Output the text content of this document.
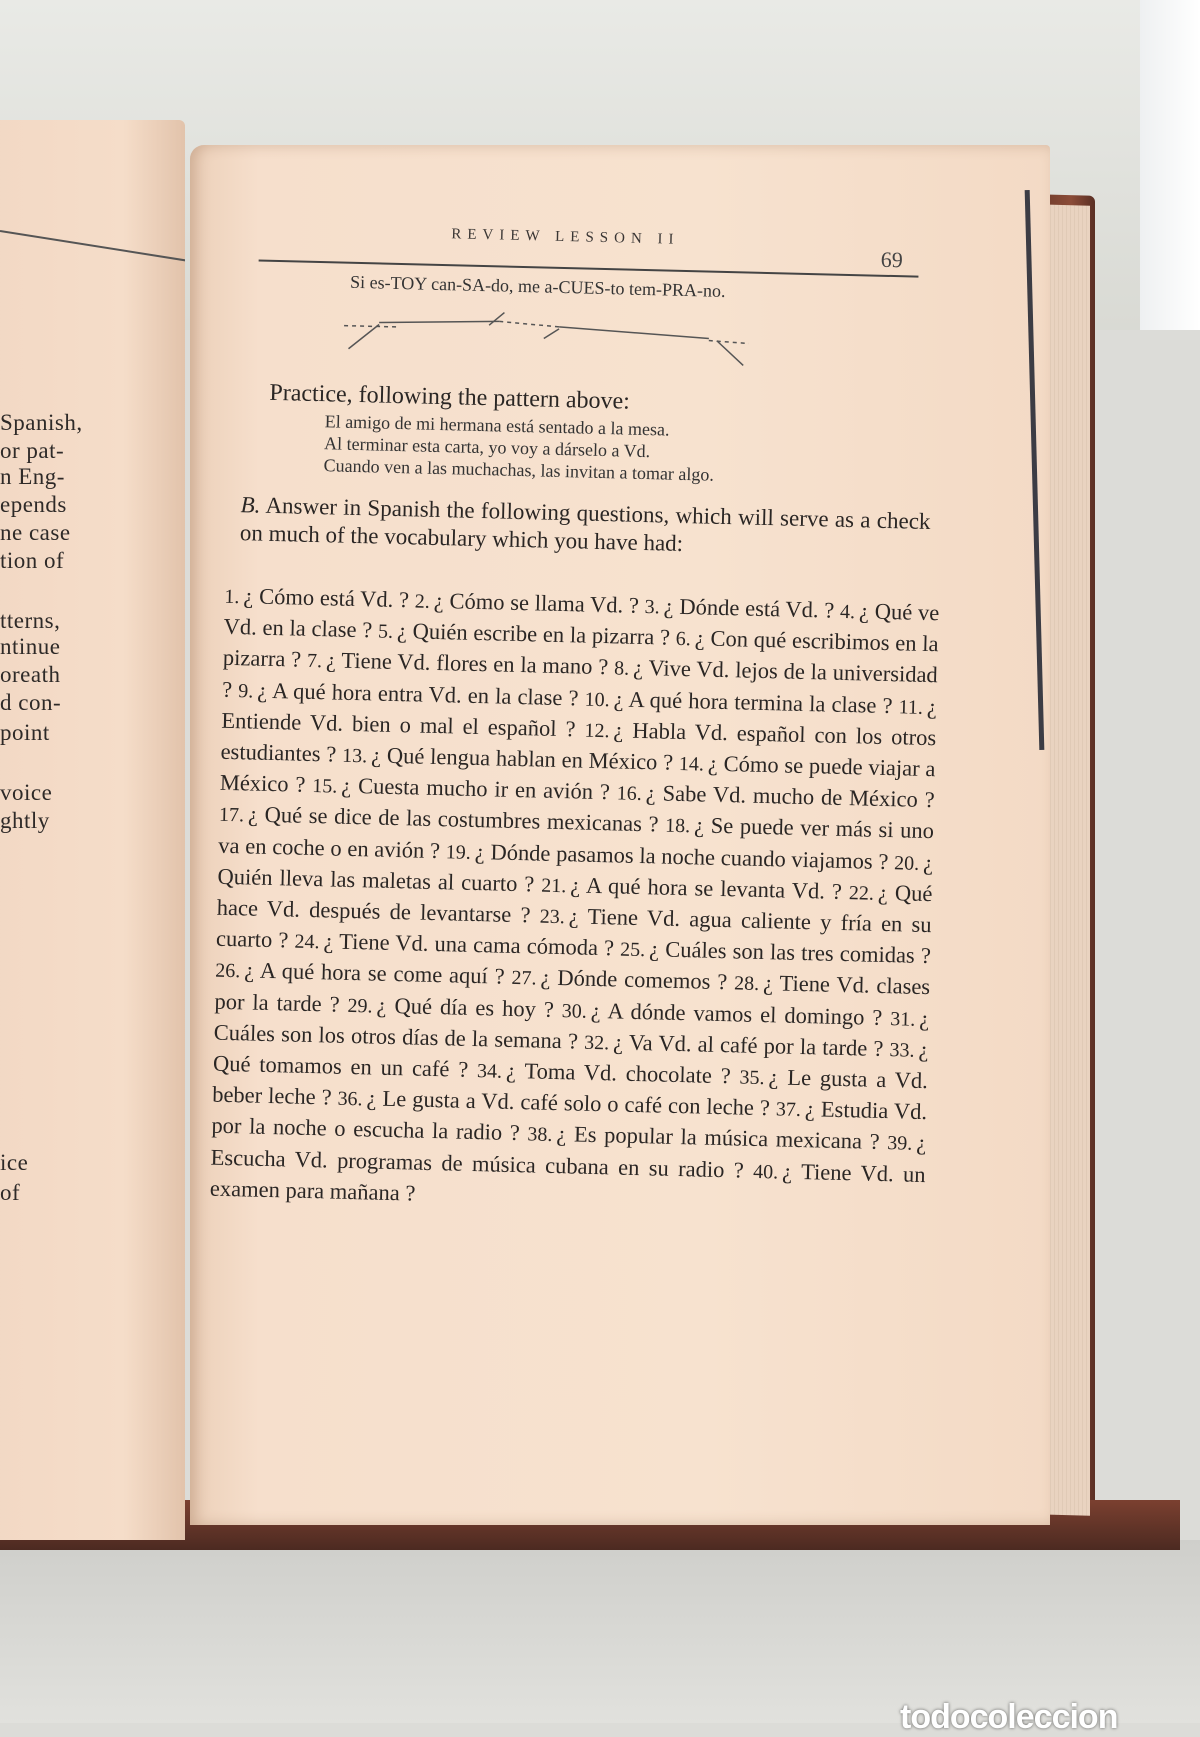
Spanish,
or pat-
n Eng-
epends
ne case
tion of
tterns,
ntinue
oreath
d con-
point
voice
ghtly
ice
of
REVIEW LESSON II
69
Si es-TOY can-SA-do, me a-CUES-to tem-PRA-no.
Practice, following the pattern above:
El amigo de mi hermana está sentado a la mesa.
Al terminar esta carta, yo voy a dárselo a Vd.
Cuando ven a las muchachas, las invitan a tomar algo.
B. Answer in Spanish the following questions, which will serve as a check on much of the vocabulary which you have had:
1. ¿ Cómo está Vd. ? 2. ¿ Cómo se llama Vd. ? 3. ¿ Dónde está Vd. ? 4. ¿ Qué ve Vd. en la clase ? 5. ¿ Quién escribe en la pizarra ? 6. ¿ Con qué escribimos en la pizarra ? 7. ¿ Tiene Vd. flores en la mano ? 8. ¿ Vive Vd. lejos de la universidad ? 9. ¿ A qué hora entra Vd. en la clase ? 10. ¿ A qué hora termina la clase ? 11. ¿ Entiende Vd. bien o mal el español ? 12. ¿ Habla Vd. español con los otros estudiantes ? 13. ¿ Qué lengua hablan en México ? 14. ¿ Cómo se puede viajar a México ? 15. ¿ Cuesta mucho ir en avión ? 16. ¿ Sabe Vd. mucho de México ? 17. ¿ Qué se dice de las costumbres mexicanas ? 18. ¿ Se puede ver más si uno va en coche o en avión ? 19. ¿ Dónde pasamos la noche cuando viajamos ? 20. ¿ Quién lleva las maletas al cuarto ? 21. ¿ A qué hora se levanta Vd. ? 22. ¿ Qué hace Vd. después de levantarse ? 23. ¿ Tiene Vd. agua caliente y fría en su cuarto ? 24. ¿ Tiene Vd. una cama cómoda ? 25. ¿ Cuáles son las tres comidas ? 26. ¿ A qué hora se come aquí ? 27. ¿ Dónde comemos ? 28. ¿ Tiene Vd. clases por la tarde ? 29. ¿ Qué día es hoy ? 30. ¿ A dónde vamos el domingo ? 31. ¿ Cuáles son los otros días de la semana ? 32. ¿ Va Vd. al café por la tarde ? 33. ¿ Qué tomamos en un café ? 34. ¿ Toma Vd. chocolate ? 35. ¿ Le gusta a Vd. beber leche ? 36. ¿ Le gusta a Vd. café solo o café con leche ? 37. ¿ Estudia Vd. por la noche o escucha la radio ? 38. ¿ Es popular la música mexicana ? 39. ¿ Escucha Vd. programas de música cubana en su radio ? 40. ¿ Tiene Vd. un examen para mañana ?
todocoleccion
